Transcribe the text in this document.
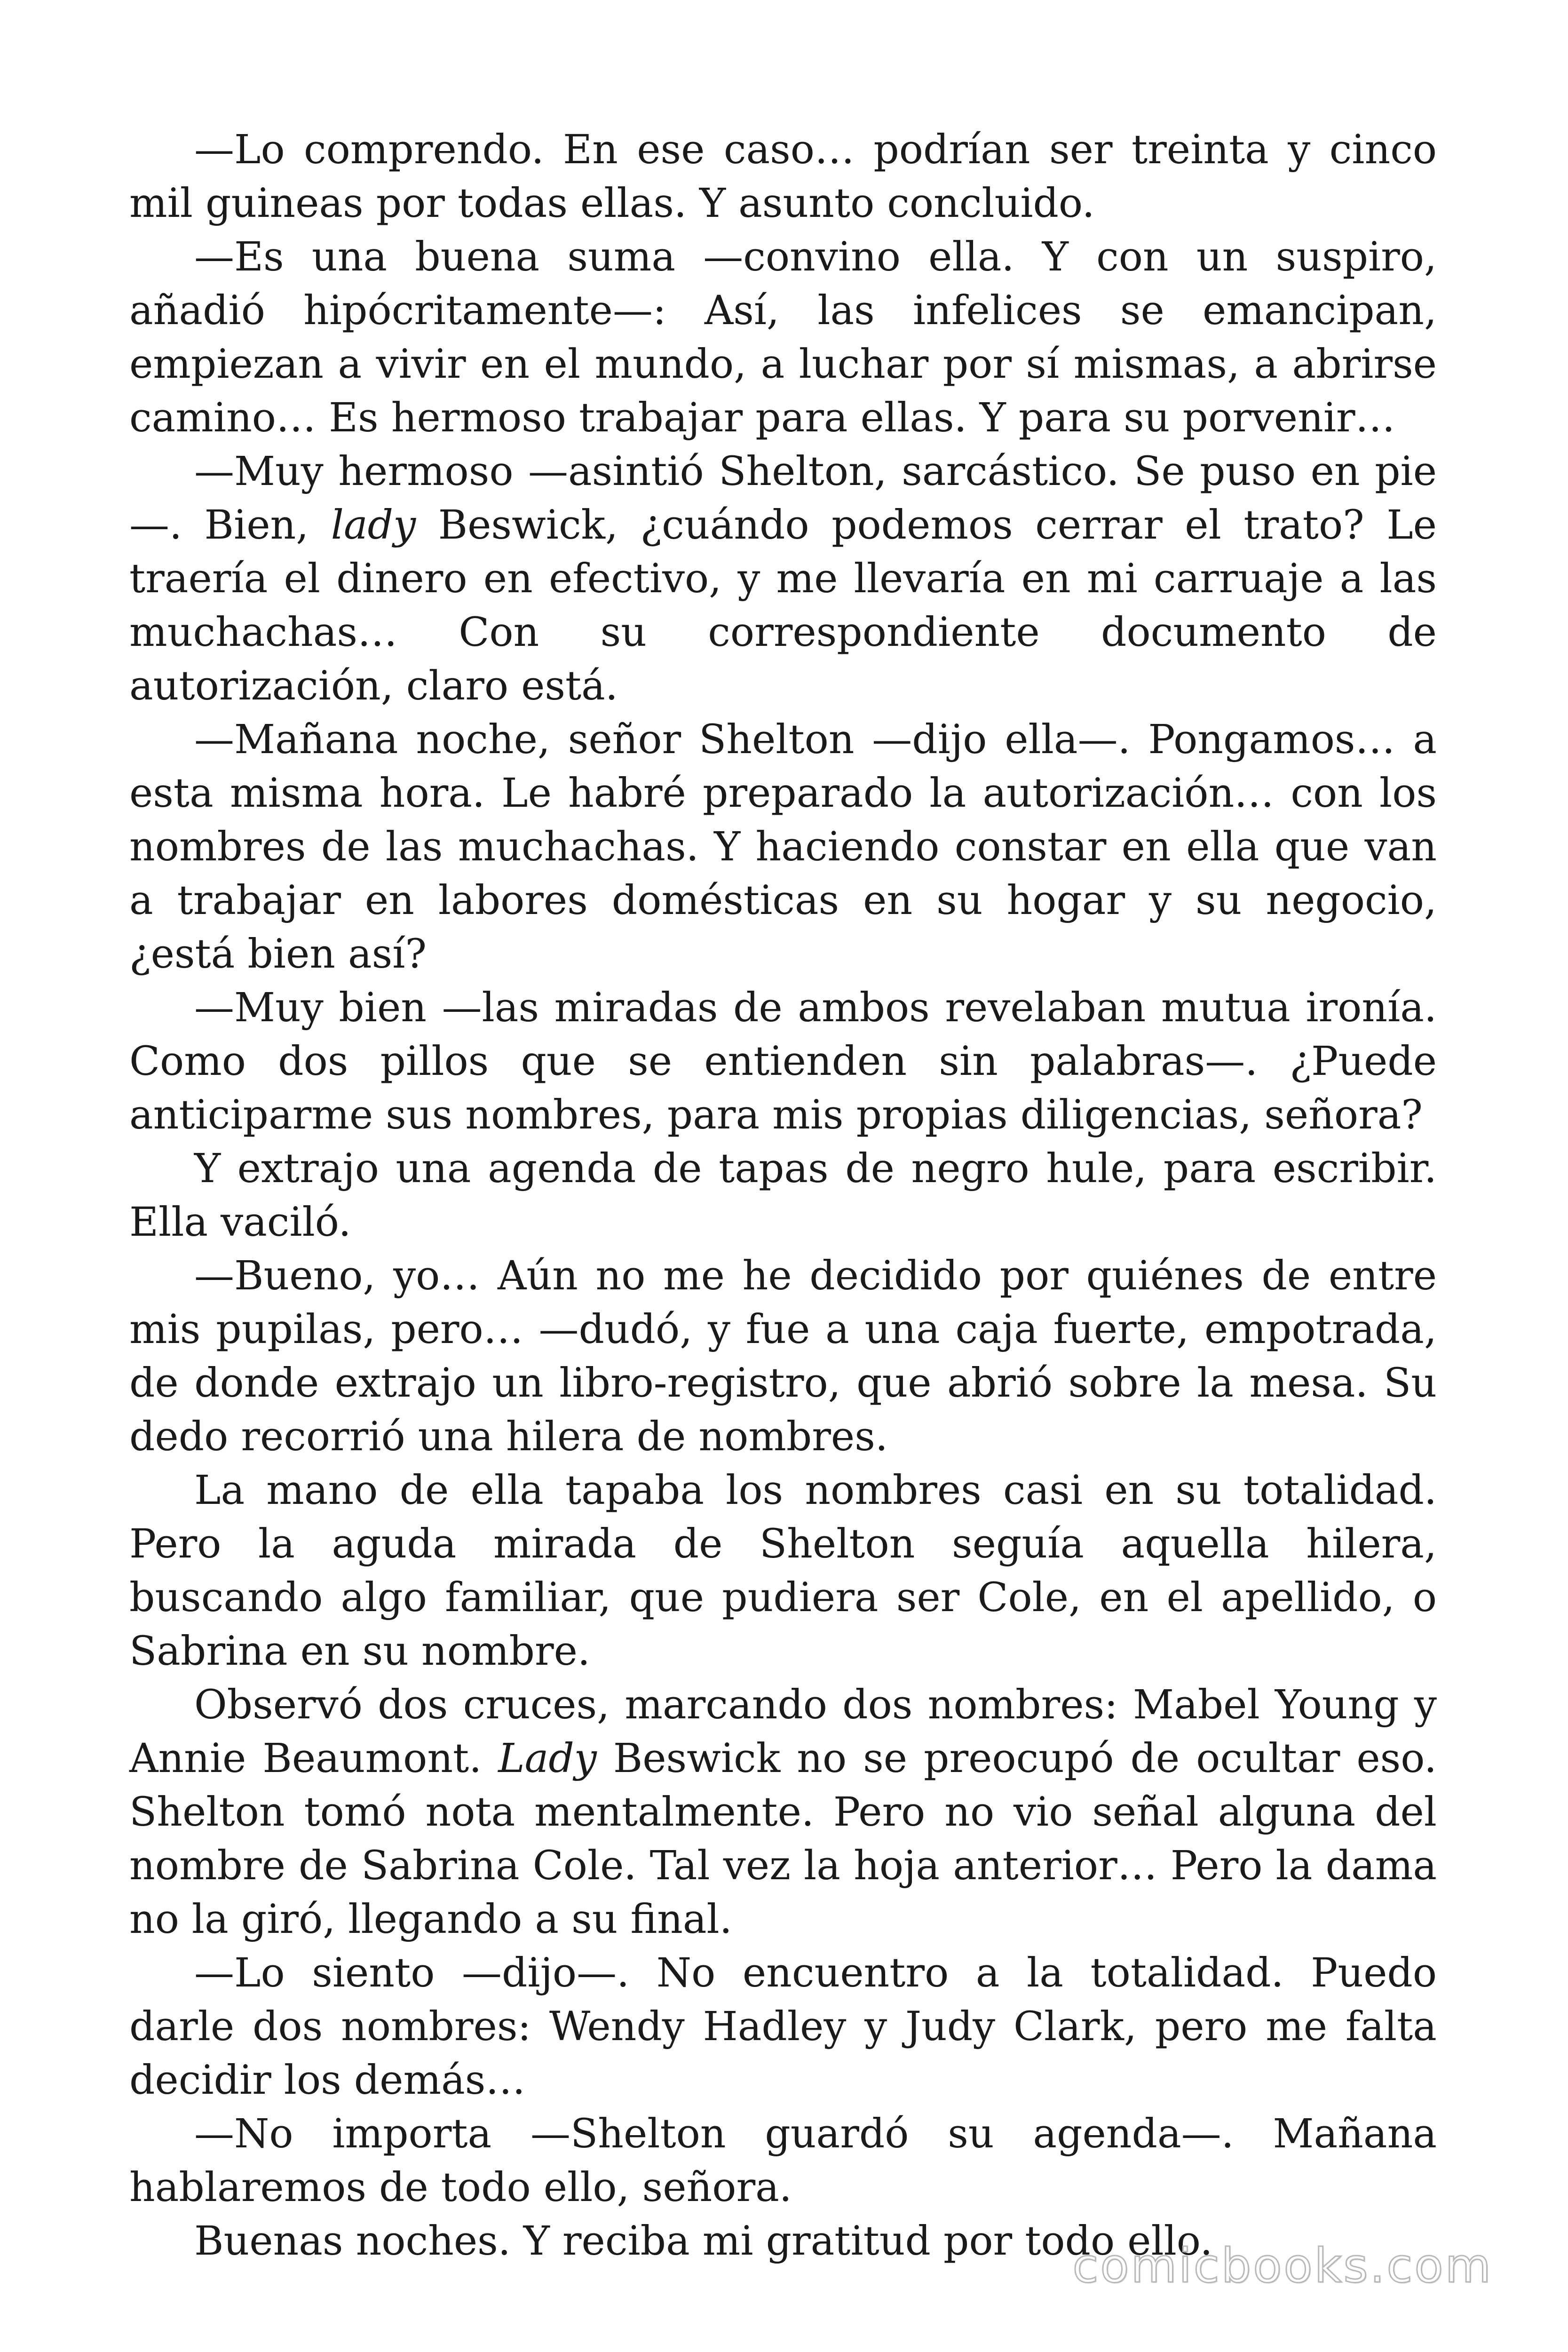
—Lo comprendo. En ese caso… podrían ser treinta y cinco mil guineas por todas ellas. Y asunto concluido.

—Es una buena suma —convino ella. Y con un suspiro, añadió hipócritamente—: Así, las infelices se emancipan, empiezan a vivir en el mundo, a luchar por sí mismas, a abrirse camino… Es hermoso trabajar para ellas. Y para su porvenir…

—Muy hermoso —asintió Shelton, sarcástico. Se puso en pie—. Bien, lady Beswick, ¿cuándo podemos cerrar el trato? Le traería el dinero en efectivo, y me llevaría en mi carruaje a las muchachas… Con su correspondiente documento de autorización, claro está.

—Mañana noche, señor Shelton —dijo ella—. Pongamos… a esta misma hora. Le habré preparado la autorización… con los nombres de las muchachas. Y haciendo constar en ella que van a trabajar en labores domésticas en su hogar y su negocio, ¿está bien así?

—Muy bien —las miradas de ambos revelaban mutua ironía. Como dos pillos que se entienden sin palabras—. ¿Puede anticiparme sus nombres, para mis propias diligencias, señora?

Y extrajo una agenda de tapas de negro hule, para escribir. Ella vaciló.

—Bueno, yo… Aún no me he decidido por quiénes de entre mis pupilas, pero… —dudó, y fue a una caja fuerte, empotrada, de donde extrajo un libro-registro, que abrió sobre la mesa. Su dedo recorrió una hilera de nombres.

La mano de ella tapaba los nombres casi en su totalidad. Pero la aguda mirada de Shelton seguía aquella hilera, buscando algo familiar, que pudiera ser Cole, en el apellido, o Sabrina en su nombre.

Observó dos cruces, marcando dos nombres: Mabel Young y Annie Beaumont. Lady Beswick no se preocupó de ocultar eso. Shelton tomó nota mentalmente. Pero no vio señal alguna del nombre de Sabrina Cole. Tal vez la hoja anterior… Pero la dama no la giró, llegando a su final.

—Lo siento —dijo—. No encuentro a la totalidad. Puedo darle dos nombres: Wendy Hadley y Judy Clark, pero me falta decidir los demás…

—No importa —Shelton guardó su agenda—. Mañana hablaremos de todo ello, señora.

Buenas noches. Y reciba mi gratitud por todo ello.

comicbooks.com
